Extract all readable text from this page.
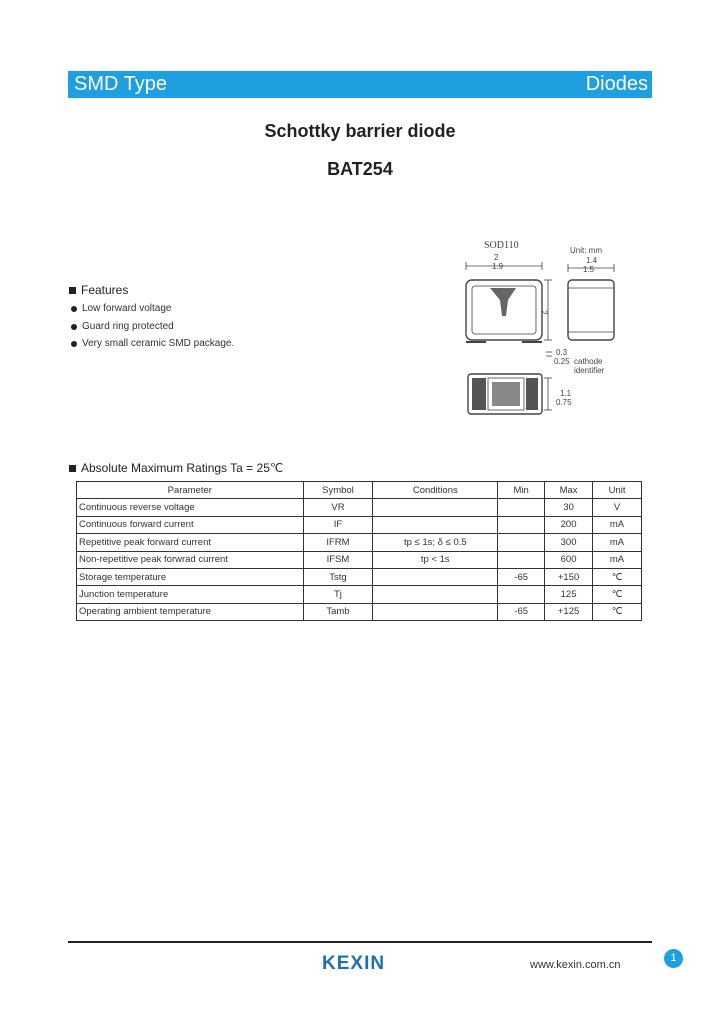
SMD Type	Diodes
Schottky barrier diode
BAT254
Features
Low forward voltage
Guard ring protected
Very small ceramic SMD package.
SOD110	Unit: mm
2
1.9
1.4
1.5
2
0.3
0.25 cathode
identifier
1.1
0.75
Absolute Maximum Ratings Ta = 25℃
Parameter	Symbol	Conditions	Min	Max	Unit
Continuous reverse voltage	VR			30	V
Continuous forward current	IF			200	mA
Repetitive peak forward current	IFRM	tp ≤ 1s; δ ≤ 0.5		300	mA
Non-repetitive peak forwrad current	IFSM	tp < 1s		600	mA
Storage temperature	Tstg		-65	+150	℃
Junction temperature	Tj			125	℃
Operating ambient temperature	Tamb		-65	+125	℃
KEXIN	www.kexin.com.cn
1
